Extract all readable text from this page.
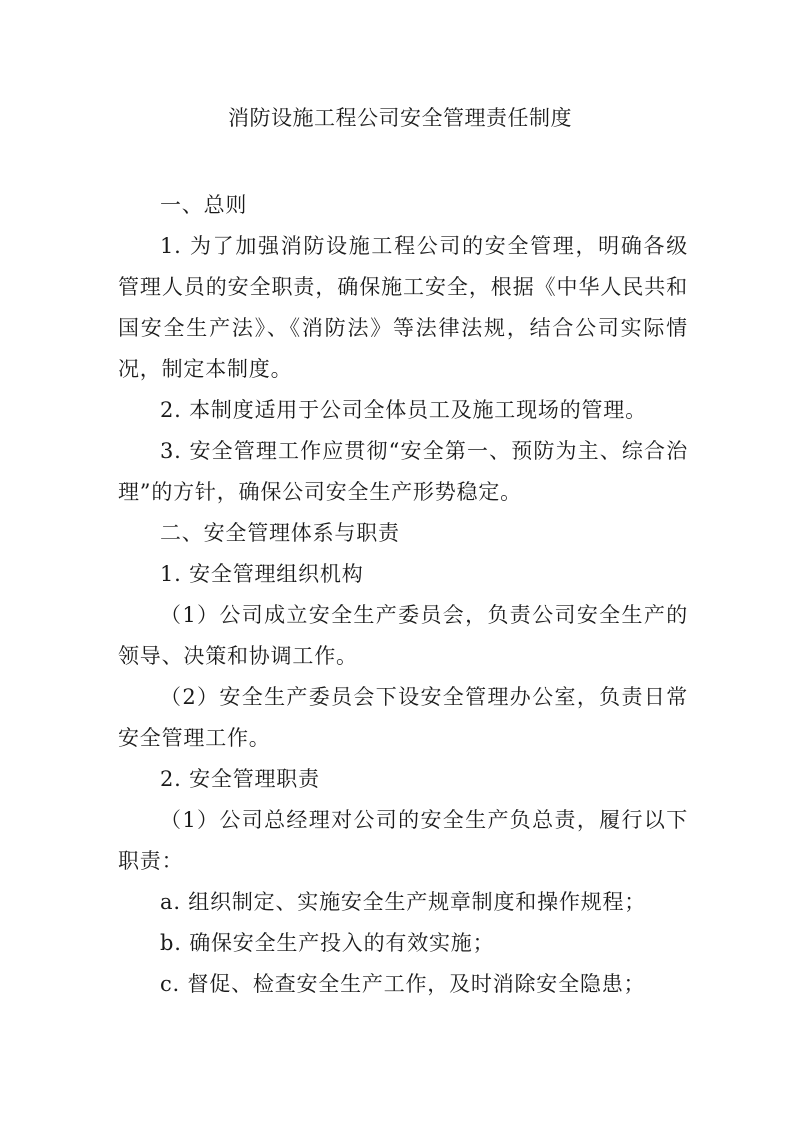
消防设施工程公司安全管理责任制度

一、总则

1. 为了加强消防设施工程公司的安全管理，明确各级管理人员的安全职责，确保施工安全，根据《中华人民共和国安全生产法》、《消防法》等法律法规，结合公司实际情况，制定本制度。

2. 本制度适用于公司全体员工及施工现场的管理。

3. 安全管理工作应贯彻“安全第一、预防为主、综合治理”的方针，确保公司安全生产形势稳定。

二、安全管理体系与职责

1. 安全管理组织机构

（1）公司成立安全生产委员会，负责公司安全生产的领导、决策和协调工作。

（2）安全生产委员会下设安全管理办公室，负责日常安全管理工作。

2. 安全管理职责

（1）公司总经理对公司的安全生产负总责，履行以下职责：

a. 组织制定、实施安全生产规章制度和操作规程；

b. 确保安全生产投入的有效实施；

c. 督促、检查安全生产工作，及时消除安全隐患；
